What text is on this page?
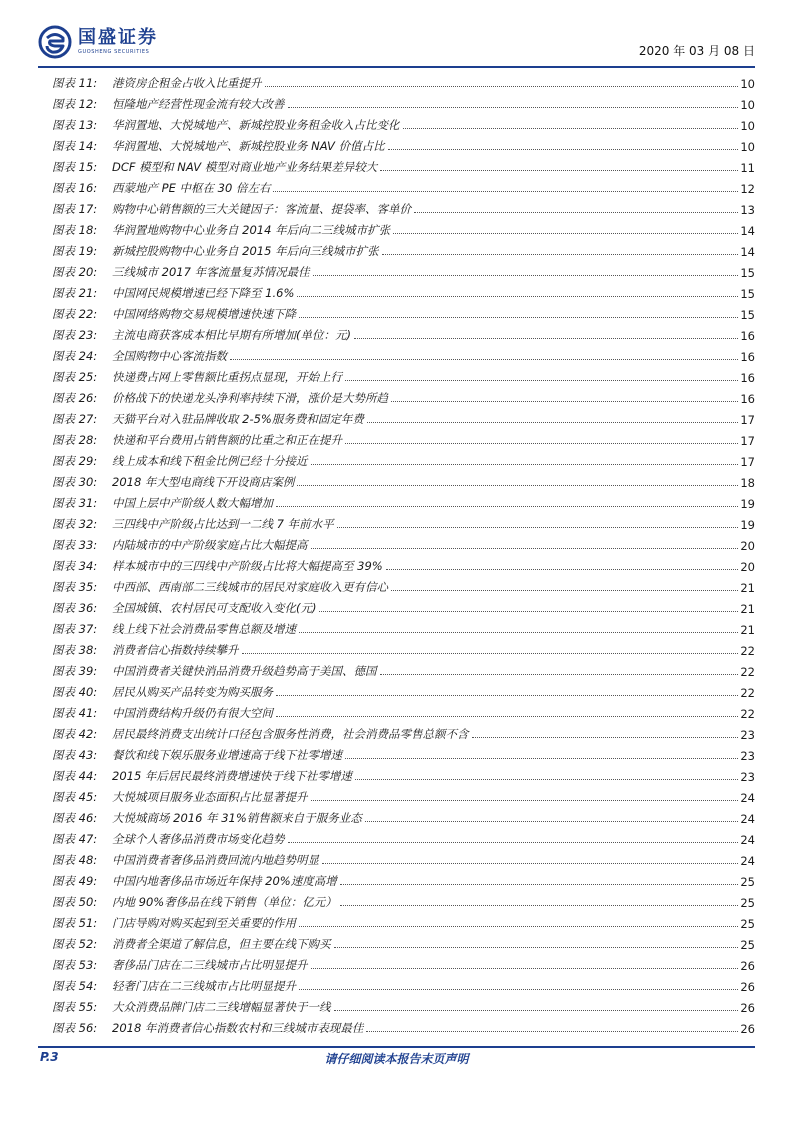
国盛证券
GUOSHENG SECURITIES	2020 年 03 月 08 日
图表 11:	港资房企租金占收入比重提升	10
图表 12:	恒隆地产经营性现金流有较大改善	10
图表 13:	华润置地、大悦城地产、新城控股业务租金收入占比变化	10
图表 14:	华润置地、大悦城地产、新城控股业务 NAV 价值占比	10
图表 15:	DCF 模型和 NAV 模型对商业地产业务结果差异较大	11
图表 16:	西蒙地产 PE 中枢在 30 倍左右	12
图表 17:	购物中心销售额的三大关键因子：客流量、提袋率、客单价	13
图表 18:	华润置地购物中心业务自 2014 年后向二三线城市扩张	14
图表 19:	新城控股购物中心业务自 2015 年后向三线城市扩张	14
图表 20:	三线城市 2017 年客流量复苏情况最佳	15
图表 21:	中国网民规模增速已经下降至 1.6%	15
图表 22:	中国网络购物交易规模增速快速下降	15
图表 23:	主流电商获客成本相比早期有所增加(单位：元)	16
图表 24:	全国购物中心客流指数	16
图表 25:	快递费占网上零售额比重拐点显现，开始上行	16
图表 26:	价格战下的快递龙头净利率持续下滑，涨价是大势所趋	16
图表 27:	天猫平台对入驻品牌收取 2-5%服务费和固定年费	17
图表 28:	快递和平台费用占销售额的比重之和正在提升	17
图表 29:	线上成本和线下租金比例已经十分接近	17
图表 30:	2018 年大型电商线下开设商店案例	18
图表 31:	中国上层中产阶级人数大幅增加	19
图表 32:	三四线中产阶级占比达到一二线 7 年前水平	19
图表 33:	内陆城市的中产阶级家庭占比大幅提高	20
图表 34:	样本城市中的三四线中产阶级占比将大幅提高至 39%	20
图表 35:	中西部、西南部二三线城市的居民对家庭收入更有信心	21
图表 36:	全国城镇、农村居民可支配收入变化(元)	21
图表 37:	线上线下社会消费品零售总额及增速	21
图表 38:	消费者信心指数持续攀升	22
图表 39:	中国消费者关键快消品消费升级趋势高于美国、德国	22
图表 40:	居民从购买产品转变为购买服务	22
图表 41:	中国消费结构升级仍有很大空间	22
图表 42:	居民最终消费支出统计口径包含服务性消费，社会消费品零售总额不含	23
图表 43:	餐饮和线下娱乐服务业增速高于线下社零增速	23
图表 44:	2015 年后居民最终消费增速快于线下社零增速	23
图表 45:	大悦城项目服务业态面积占比显著提升	24
图表 46:	大悦城商场 2016 年 31%销售额来自于服务业态	24
图表 47:	全球个人奢侈品消费市场变化趋势	24
图表 48:	中国消费者奢侈品消费回流内地趋势明显	24
图表 49:	中国内地奢侈品市场近年保持 20%速度高增	25
图表 50:	内地 90%奢侈品在线下销售（单位：亿元）	25
图表 51:	门店导购对购买起到至关重要的作用	25
图表 52:	消费者全渠道了解信息，但主要在线下购买	25
图表 53:	奢侈品门店在二三线城市占比明显提升	26
图表 54:	轻奢门店在二三线城市占比明显提升	26
图表 55:	大众消费品牌门店二三线增幅显著快于一线	26
图表 56:	2018 年消费者信心指数农村和三线城市表现最佳	26
P.3	请仔细阅读本报告末页声明
